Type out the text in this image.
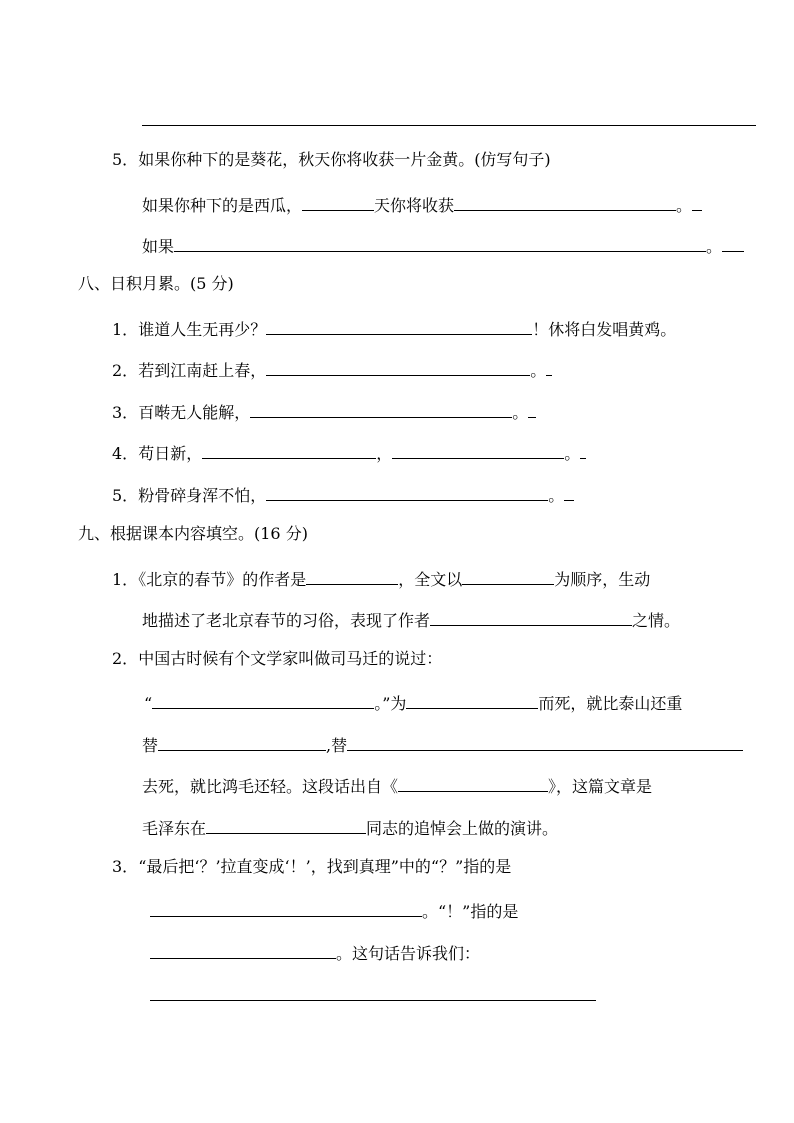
5．如果你种下的是葵花，秋天你将收获一片金黄。(仿写句子)
如果你种下的是西瓜，	天你将收获	。
如果	。
八、日积月累。(5 分)
1．谁道人生无再少？	！休将白发唱黄鸡。
2．若到江南赶上春，	。
3．百啭无人能解，	。
4．苟日新，	，	。
5．粉骨碎身浑不怕，	。
九、根据课本内容填空。(16 分)
1．《北京的春节》的作者是	，全文以	为顺序，生动
地描述了老北京春节的习俗，表现了作者	之情。
2．中国古时候有个文学家叫做司马迁的说过：
“	。”为	而死，就比泰山还重
替	,替
去死，就比鸿毛还轻。这段话出自《	》，这篇文章是
毛泽东在	同志的追悼会上做的演讲。
3．“最后把‘？’拉直变成‘！’，找到真理”中的“？”指的是
。“！”指的是
。这句话告诉我们：
